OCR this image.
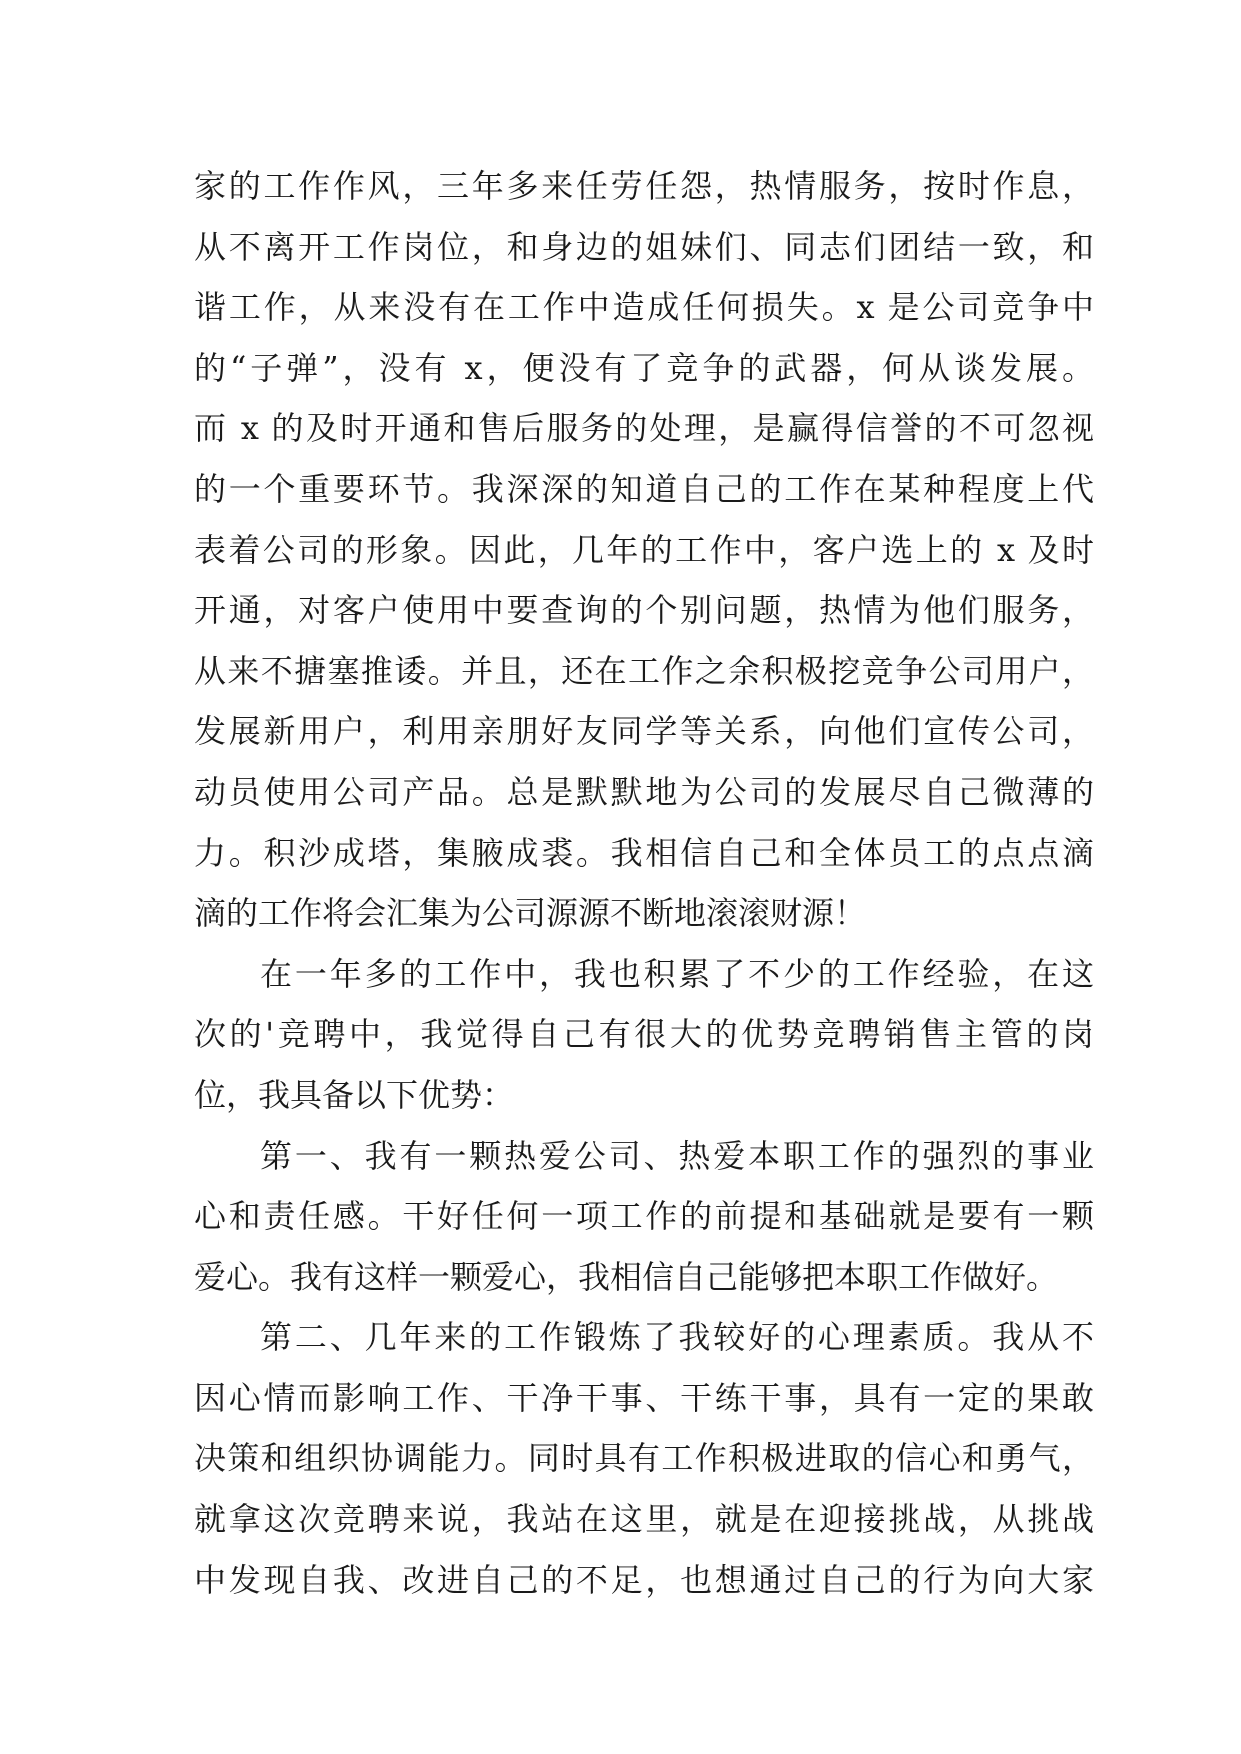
家的工作作风，三年多来任劳任怨，热情服务，按时作息，
从不离开工作岗位，和身边的姐妹们、同志们团结一致，和
谐工作，从来没有在工作中造成任何损失。x 是公司竞争中
的“子弹”，没有 x，便没有了竞争的武器，何从谈发展。
而 x 的及时开通和售后服务的处理，是赢得信誉的不可忽视
的一个重要环节。我深深的知道自己的工作在某种程度上代
表着公司的形象。因此，几年的工作中，客户选上的 x 及时
开通，对客户使用中要查询的个别问题，热情为他们服务，
从来不搪塞推诿。并且，还在工作之余积极挖竞争公司用户，
发展新用户，利用亲朋好友同学等关系，向他们宣传公司，
动员使用公司产品。总是默默地为公司的发展尽自己微薄的
力。积沙成塔，集腋成裘。我相信自己和全体员工的点点滴
滴的工作将会汇集为公司源源不断地滚滚财源！
在一年多的工作中，我也积累了不少的工作经验，在这
次的'竞聘中，我觉得自己有很大的优势竞聘销售主管的岗
位，我具备以下优势：
第一、我有一颗热爱公司、热爱本职工作的强烈的事业
心和责任感。干好任何一项工作的前提和基础就是要有一颗
爱心。我有这样一颗爱心，我相信自己能够把本职工作做好。
第二、几年来的工作锻炼了我较好的心理素质。我从不
因心情而影响工作、干净干事、干练干事，具有一定的果敢
决策和组织协调能力。同时具有工作积极进取的信心和勇气，
就拿这次竞聘来说，我站在这里，就是在迎接挑战，从挑战
中发现自我、改进自己的不足，也想通过自己的行为向大家
